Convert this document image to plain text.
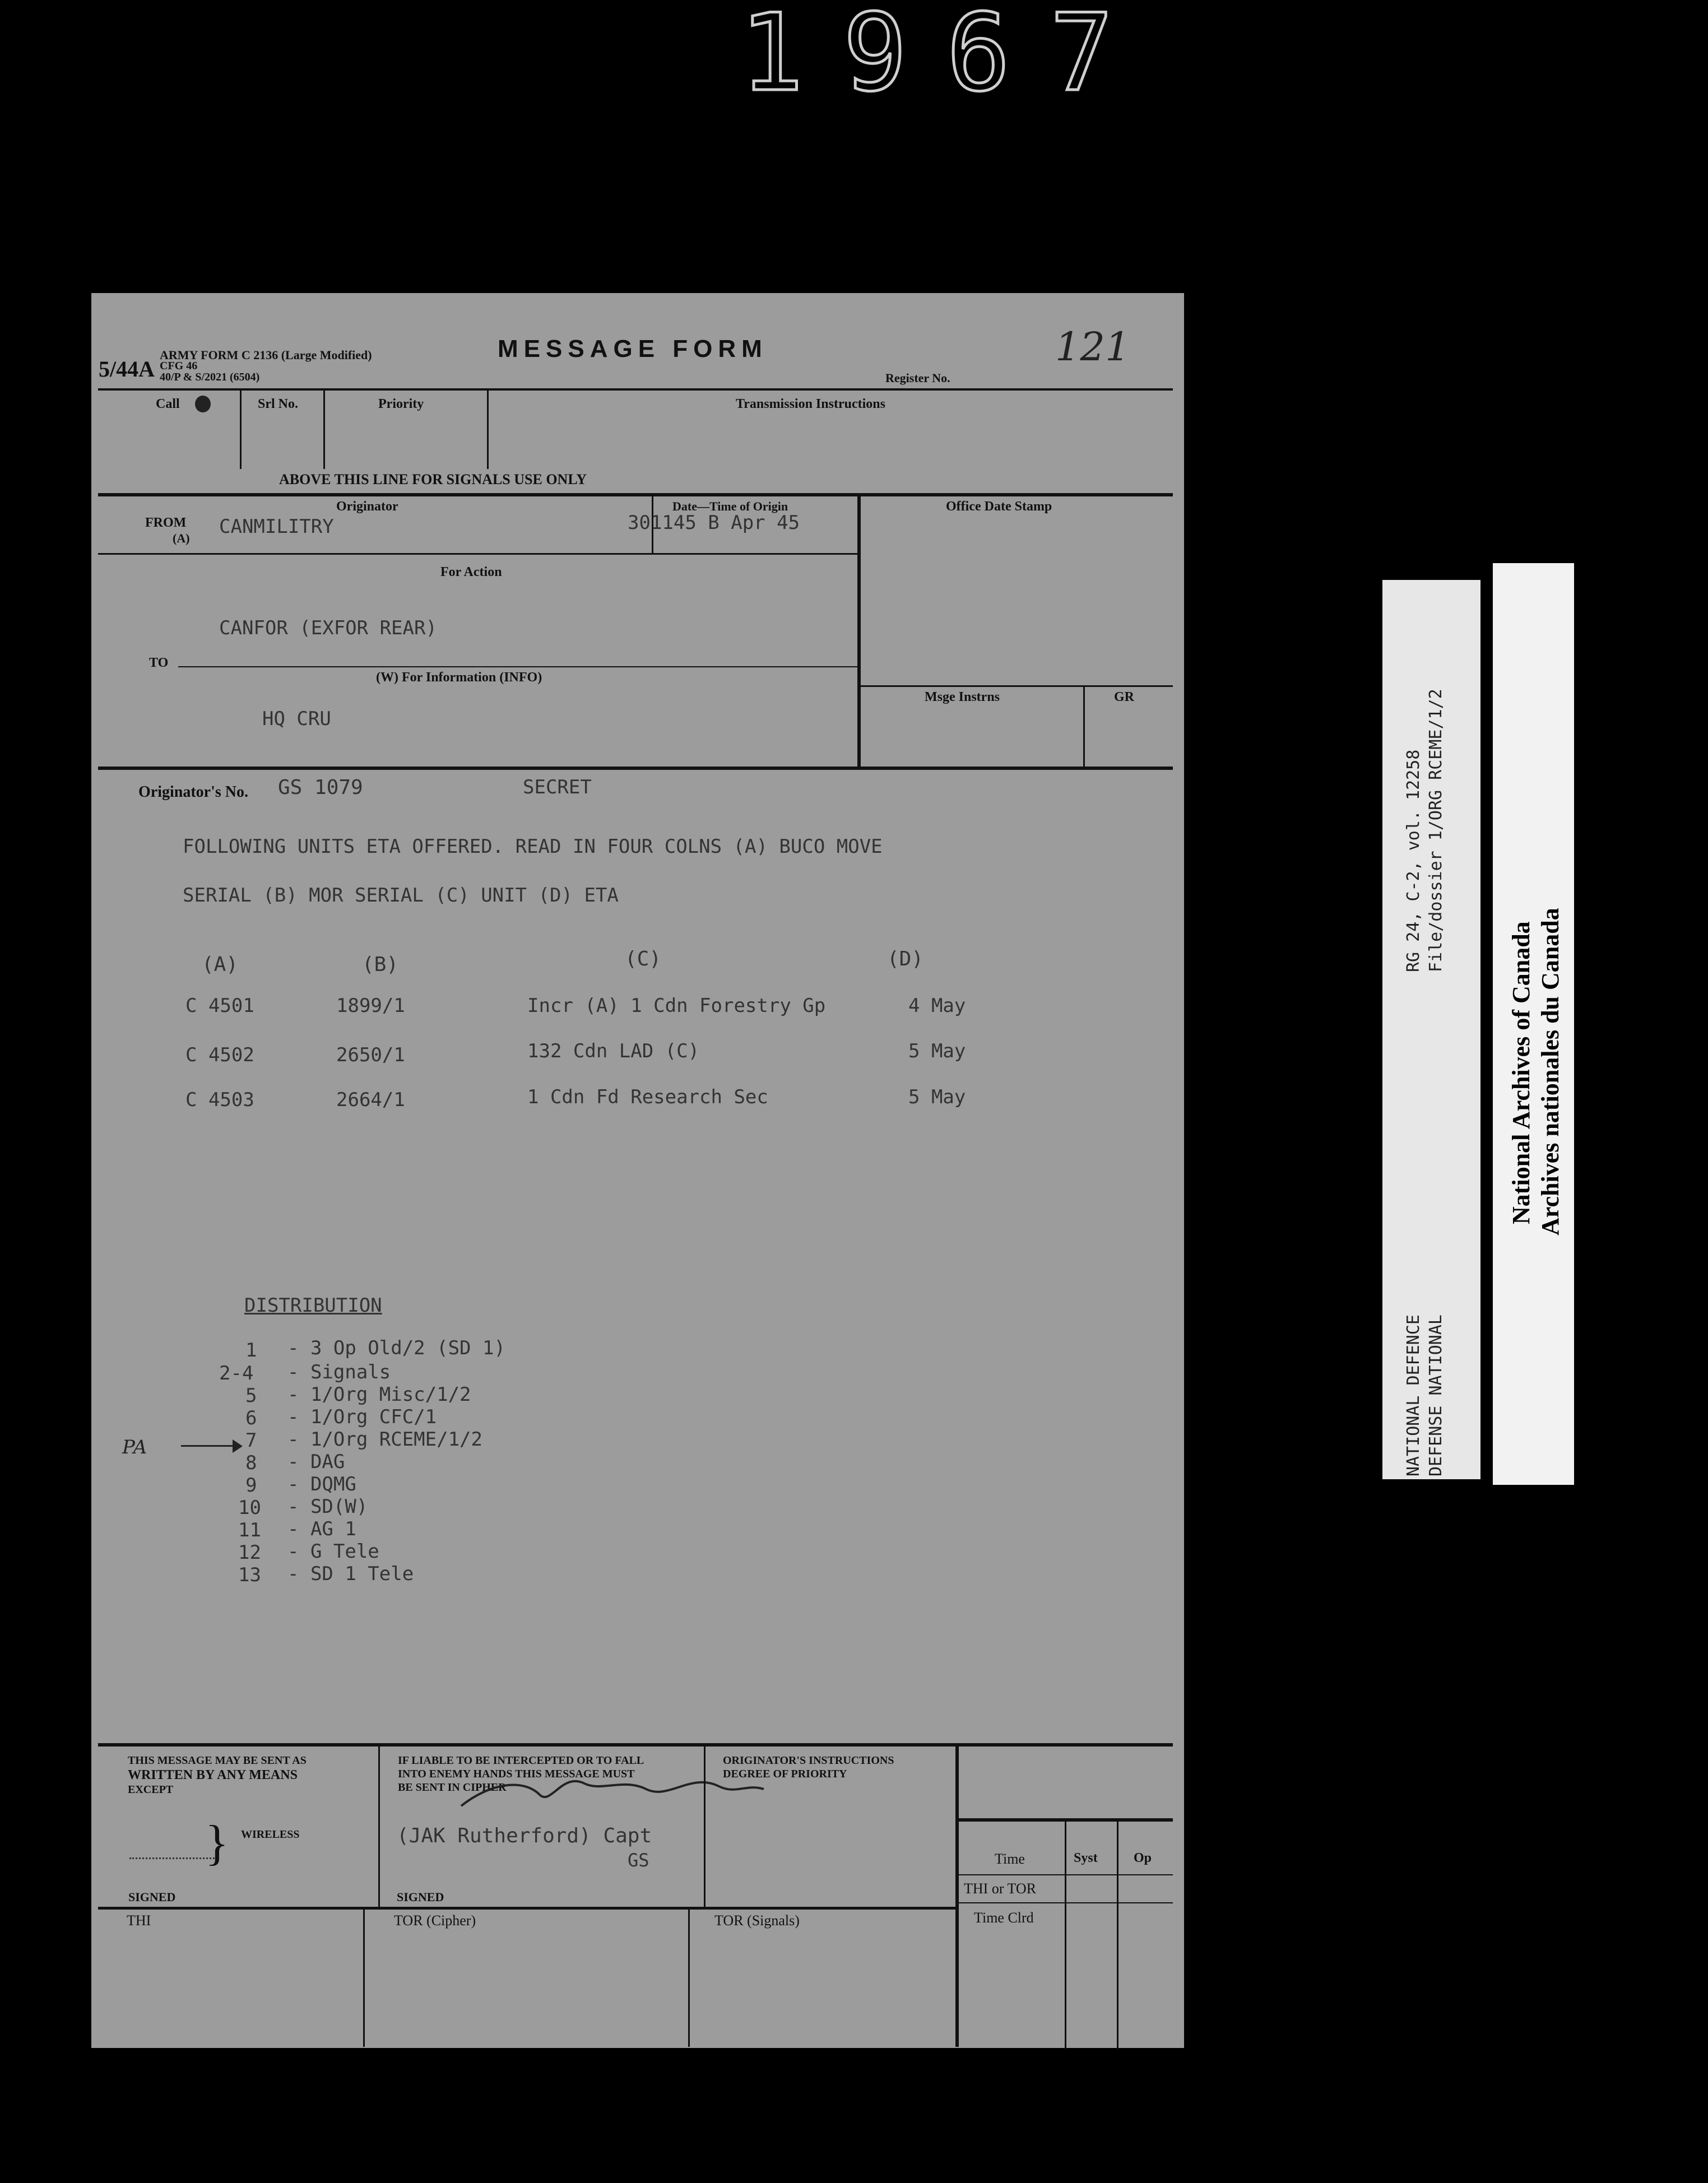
1967
5/44A
ARMY FORM C 2136 (Large Modified)
CFG 46
40/P & S/2021 (6504)
MESSAGE FORM	121
Register No.
Call	Srl No.	Priority	Transmission Instructions
ABOVE THIS LINE FOR SIGNALS USE ONLY
Originator	Date—Time of Origin	Office Date Stamp
FROM
(A)
CANMILITRY	301145 B Apr 45
For Action
CANFOR (EXFOR REAR)
TO
(W) For Information (INFO)
HQ CRU
Msge Instrns	GR
Originator's No. GS 1079	SECRET
FOLLOWING UNITS ETA OFFERED. READ IN FOUR COLNS (A) BUCO MOVE
SERIAL (B) MOR SERIAL (C) UNIT (D) ETA
(A)	(B)	(C)	(D)
C 4501	1899/1	Incr (A) 1 Cdn Forestry Gp	4 May
C 4502	2650/1	132 Cdn LAD (C)	5 May
C 4503	2664/1	1 Cdn Fd Research Sec	5 May
DISTRIBUTION
1 - 3 Op Old/2 (SD 1)
2-4 - Signals
5 - 1/Org Misc/1/2
6 - 1/Org CFC/1
7 - 1/Org RCEME/1/2
8 - DAG
9 - DQMG
10 - SD(W)
11 - AG 1
12 - G Tele
13 - SD 1 Tele
PA
THIS MESSAGE MAY BE SENT AS
WRITTEN BY ANY MEANS
EXCEPT
} WIRELESS
SIGNED
IF LIABLE TO BE INTERCEPTED OR TO FALL
INTO ENEMY HANDS THIS MESSAGE MUST
BE SENT IN CIPHER
(JAK Rutherford) Capt
GS
SIGNED
ORIGINATOR'S INSTRUCTIONS
DEGREE OF PRIORITY
Time	Syst	Op
THI or TOR
Time Clrd
THI	TOR (Cipher)	TOR (Signals)
RG 24, C-2, vol. 12258 File/dossier 1/ORG RCEME/1/2
NATIONAL DEFENCE DEFENSE NATIONAL
National Archives of Canada Archives nationales du Canada
